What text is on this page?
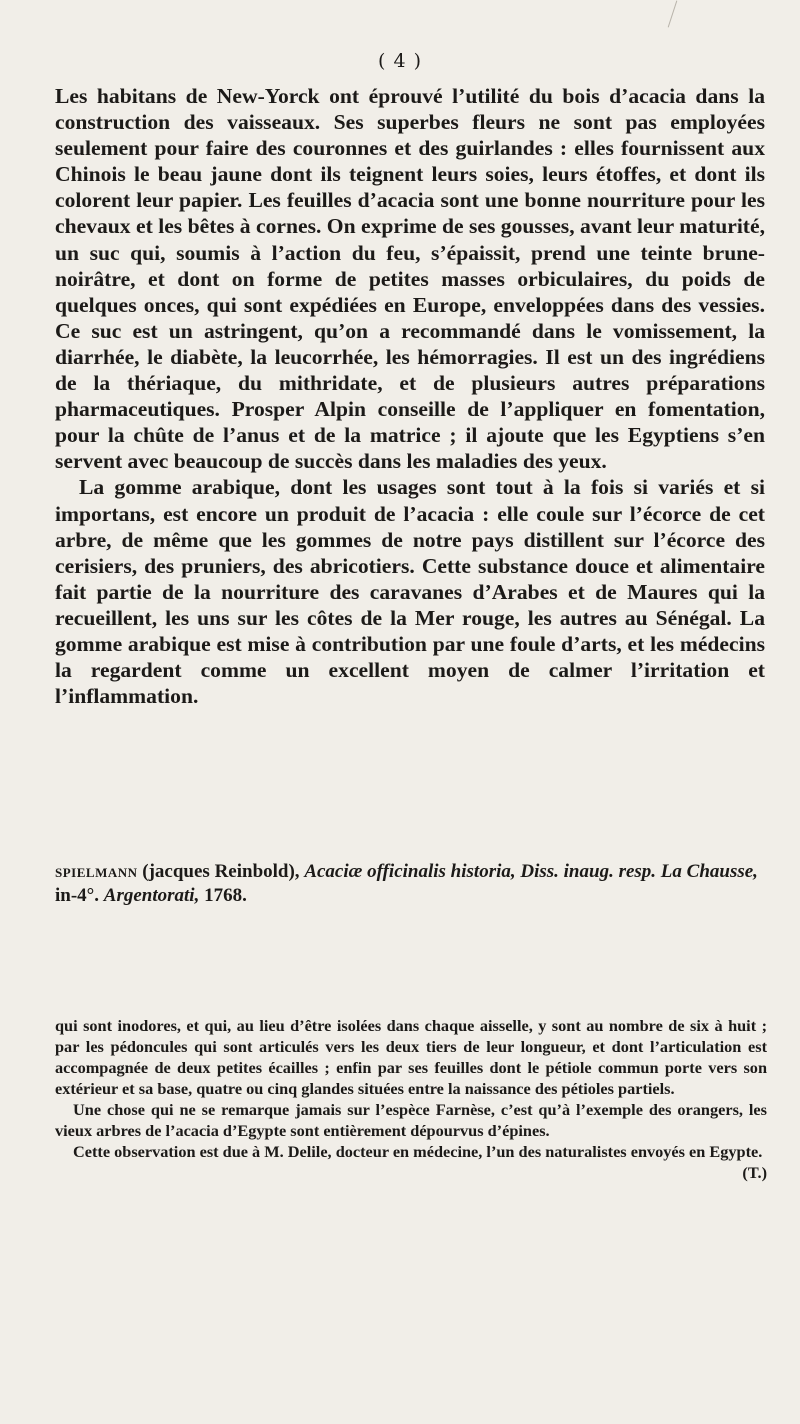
( 4 )

Les habitans de New-Yorck ont éprouvé l’utilité du bois d’acacia dans la construction des vaisseaux. Ses superbes fleurs ne sont pas employées seulement pour faire des couronnes et des guirlandes : elles fournissent aux Chinois le beau jaune dont ils teignent leurs soies, leurs étoffes, et dont ils colorent leur papier. Les feuilles d’acacia sont une bonne nourriture pour les chevaux et les bêtes à cornes. On exprime de ses gousses, avant leur maturité, un suc qui, soumis à l’action du feu, s’épaissit, prend une teinte brune-noirâtre, et dont on forme de petites masses orbiculaires, du poids de quelques onces, qui sont expédiées en Europe, enveloppées dans des vessies. Ce suc est un astringent, qu’on a recommandé dans le vomissement, la diarrhée, le diabète, la leucorrhée, les hémorragies. Il est un des ingrédiens de la thériaque, du mithridate, et de plusieurs autres préparations pharmaceutiques. Prosper Alpin conseille de l’appliquer en fomentation, pour la chûte de l’anus et de la matrice ; il ajoute que les Egyptiens s’en servent avec beaucoup de succès dans les maladies des yeux.

La gomme arabique, dont les usages sont tout à la fois si variés et si importans, est encore un produit de l’acacia : elle coule sur l’écorce de cet arbre, de même que les gommes de notre pays distillent sur l’écorce des cerisiers, des pruniers, des abricotiers. Cette substance douce et alimentaire fait partie de la nourriture des caravanes d’Arabes et de Maures qui la recueillent, les uns sur les côtes de la Mer rouge, les autres au Sénégal. La gomme arabique est mise à contribution par une foule d’arts, et les médecins la regardent comme un excellent moyen de calmer l’irritation et l’inflammation.

spielmann (jacques Reinbold), Acaciæ officinalis historia, Diss. inaug. resp. La Chausse, in-4°. Argentorati, 1768.

qui sont inodores, et qui, au lieu d’être isolées dans chaque aisselle, y sont au nombre de six à huit ; par les pédoncules qui sont articulés vers les deux tiers de leur longueur, et dont l’articulation est accompagnée de deux petites écailles ; enfin par ses feuilles dont le pétiole commun porte vers son extérieur et sa base, quatre ou cinq glandes situées entre la naissance des pétioles partiels.

Une chose qui ne se remarque jamais sur l’espèce Farnèse, c’est qu’à l’exemple des orangers, les vieux arbres de l’acacia d’Egypte sont entièrement dépourvus d’épines.

Cette observation est due à M. Delile, docteur en médecine, l’un des naturalistes envoyés en Egypte.
(T.)
